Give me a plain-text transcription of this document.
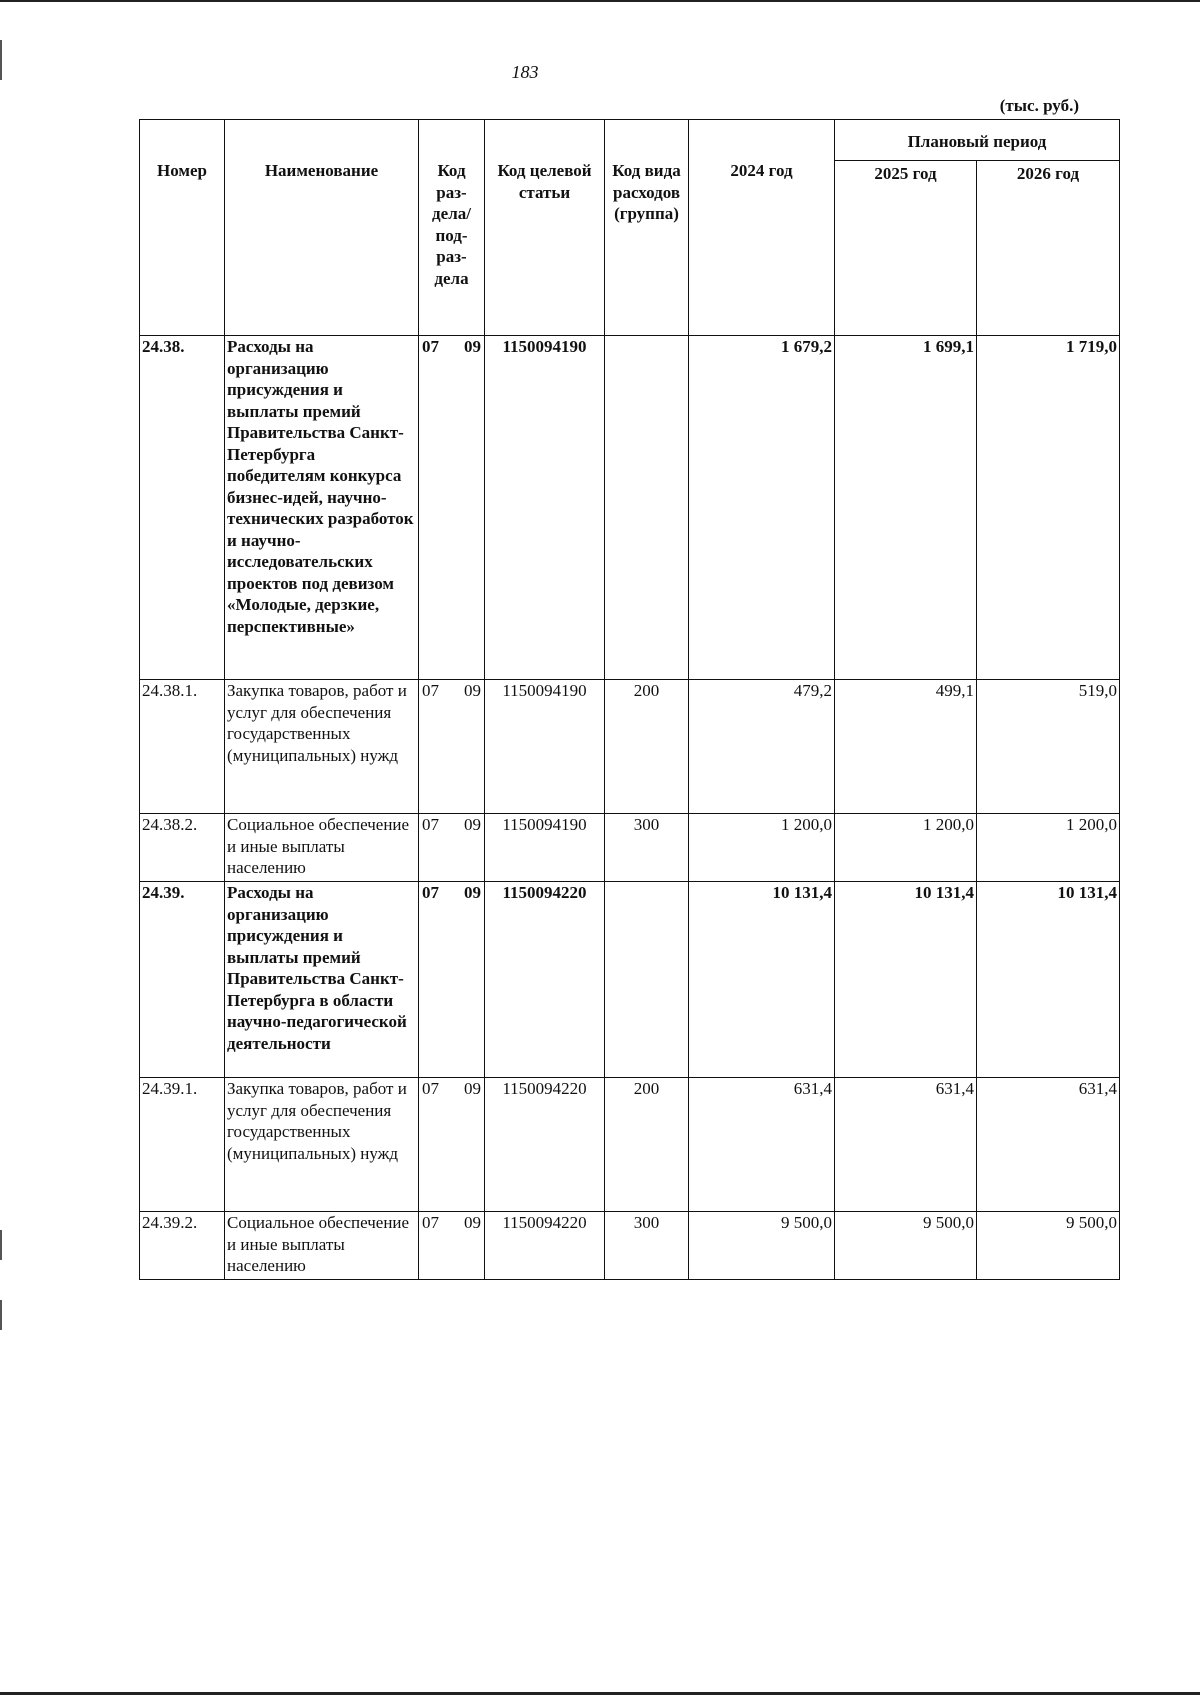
183
(тыс. руб.)
Номер	Наименование	Код раз-дела/ под-раз-дела	Код целевой статьи	Код вида расходов (группа)	2024 год	Плановый период	
						2025 год	2026 год
24.38.	Расходы на организацию присуждения и выплаты премий Правительства Санкт-Петербурга победителям конкурса бизнес-идей, научно-технических разработок и научно-исследовательских проектов под девизом «Молодые, дерзкие, перспективные»	07 09	1150094190		1 679,2	1 699,1	1 719,0
24.38.1.	Закупка товаров, работ и услуг для обеспечения государственных (муниципальных) нужд	07 09	1150094190	200	479,2	499,1	519,0
24.38.2.	Социальное обеспечение и иные выплаты населению	07 09	1150094190	300	1 200,0	1 200,0	1 200,0
24.39.	Расходы на организацию присуждения и выплаты премий Правительства Санкт-Петербурга в области научно-педагогической деятельности	07 09	1150094220		10 131,4	10 131,4	10 131,4
24.39.1.	Закупка товаров, работ и услуг для обеспечения государственных (муниципальных) нужд	07 09	1150094220	200	631,4	631,4	631,4
24.39.2.	Социальное обеспечение и иные выплаты населению	07 09	1150094220	300	9 500,0	9 500,0	9 500,0
